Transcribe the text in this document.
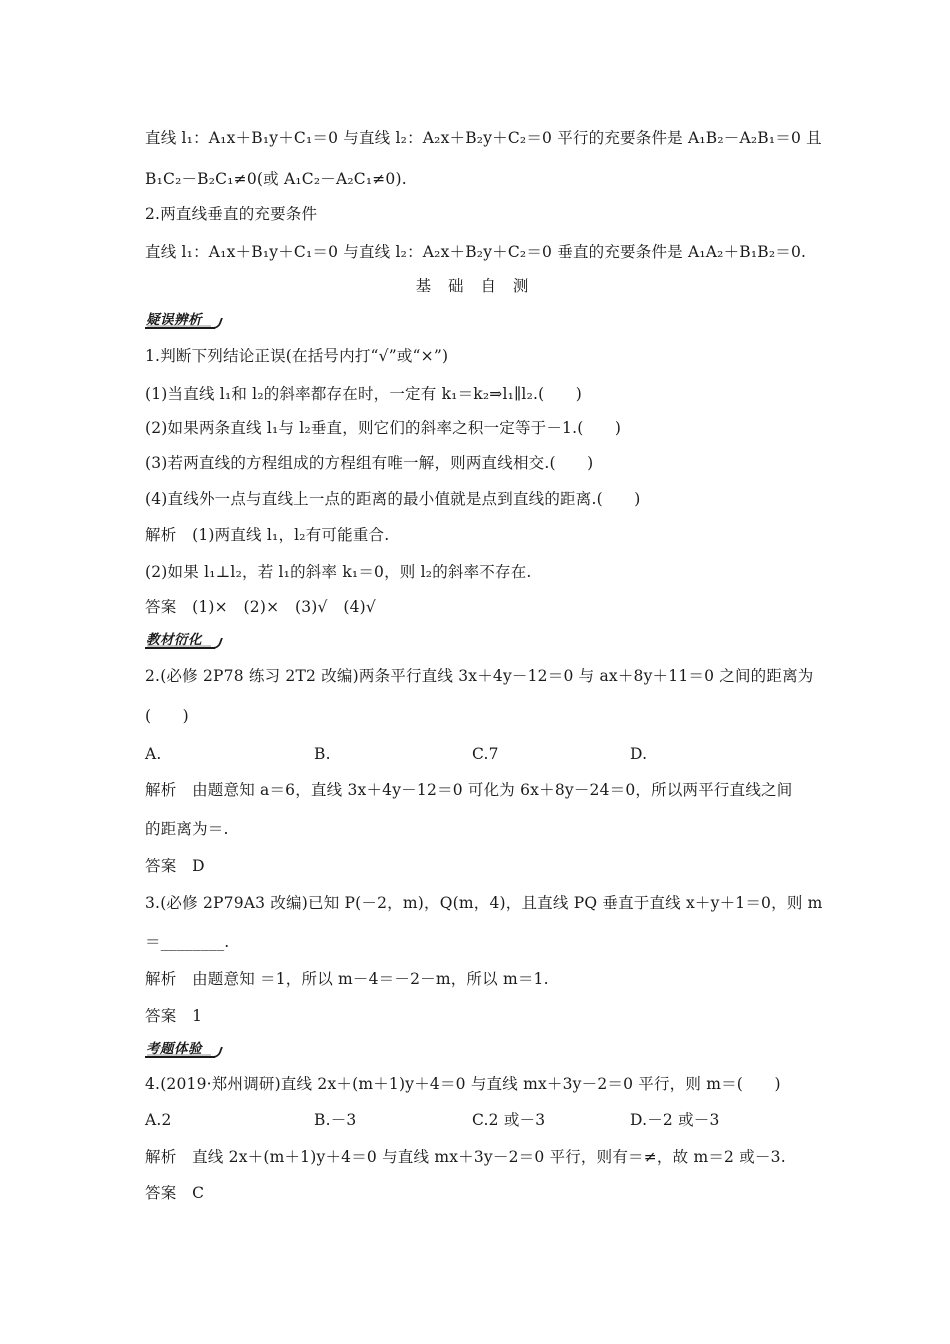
直线 l₁：A₁x＋B₁y＋C₁＝0 与直线 l₂：A₂x＋B₂y＋C₂＝0 平行的充要条件是 A₁B₂－A₂B₁＝0 且
B₁C₂－B₂C₁≠0(或 A₁C₂－A₂C₁≠0).
2.两直线垂直的充要条件
直线 l₁：A₁x＋B₁y＋C₁＝0 与直线 l₂：A₂x＋B₂y＋C₂＝0 垂直的充要条件是 A₁A₂＋B₁B₂＝0.
基 础 自 测
疑误辨析
1.判断下列结论正误(在括号内打“√”或“×”)
(1)当直线 l₁和 l₂的斜率都存在时，一定有 k₁＝k₂⇒l₁∥l₂.(　　)
(2)如果两条直线 l₁与 l₂垂直，则它们的斜率之积一定等于－1.(　　)
(3)若两直线的方程组成的方程组有唯一解，则两直线相交.(　　)
(4)直线外一点与直线上一点的距离的最小值就是点到直线的距离.(　　)
解析　(1)两直线 l₁，l₂有可能重合.
(2)如果 l₁⊥l₂，若 l₁的斜率 k₁＝0，则 l₂的斜率不存在.
答案　(1)×　(2)×　(3)√　(4)√
教材衍化
2.(必修 2P78 练习 2T2 改编)两条平行直线 3x＋4y－12＝0 与 ax＋8y＋11＝0 之间的距离为
(　　)
A.	B.	C.7	D.
解析　由题意知 a＝6，直线 3x＋4y－12＝0 可化为 6x＋8y－24＝0，所以两平行直线之间
的距离为＝.
答案　D
3.(必修 2P79A3 改编)已知 P(－2，m)，Q(m，4)，且直线 PQ 垂直于直线 x＋y＋1＝0，则 m
＝________.
解析　由题意知 ＝1，所以 m－4＝－2－m，所以 m＝1.
答案　1
考题体验
4.(2019·郑州调研)直线 2x＋(m＋1)y＋4＝0 与直线 mx＋3y－2＝0 平行，则 m＝(　　)
A.2	B.－3	C.2 或－3	D.－2 或－3
解析　直线 2x＋(m＋1)y＋4＝0 与直线 mx＋3y－2＝0 平行，则有＝≠，故 m＝2 或－3.
答案　C
